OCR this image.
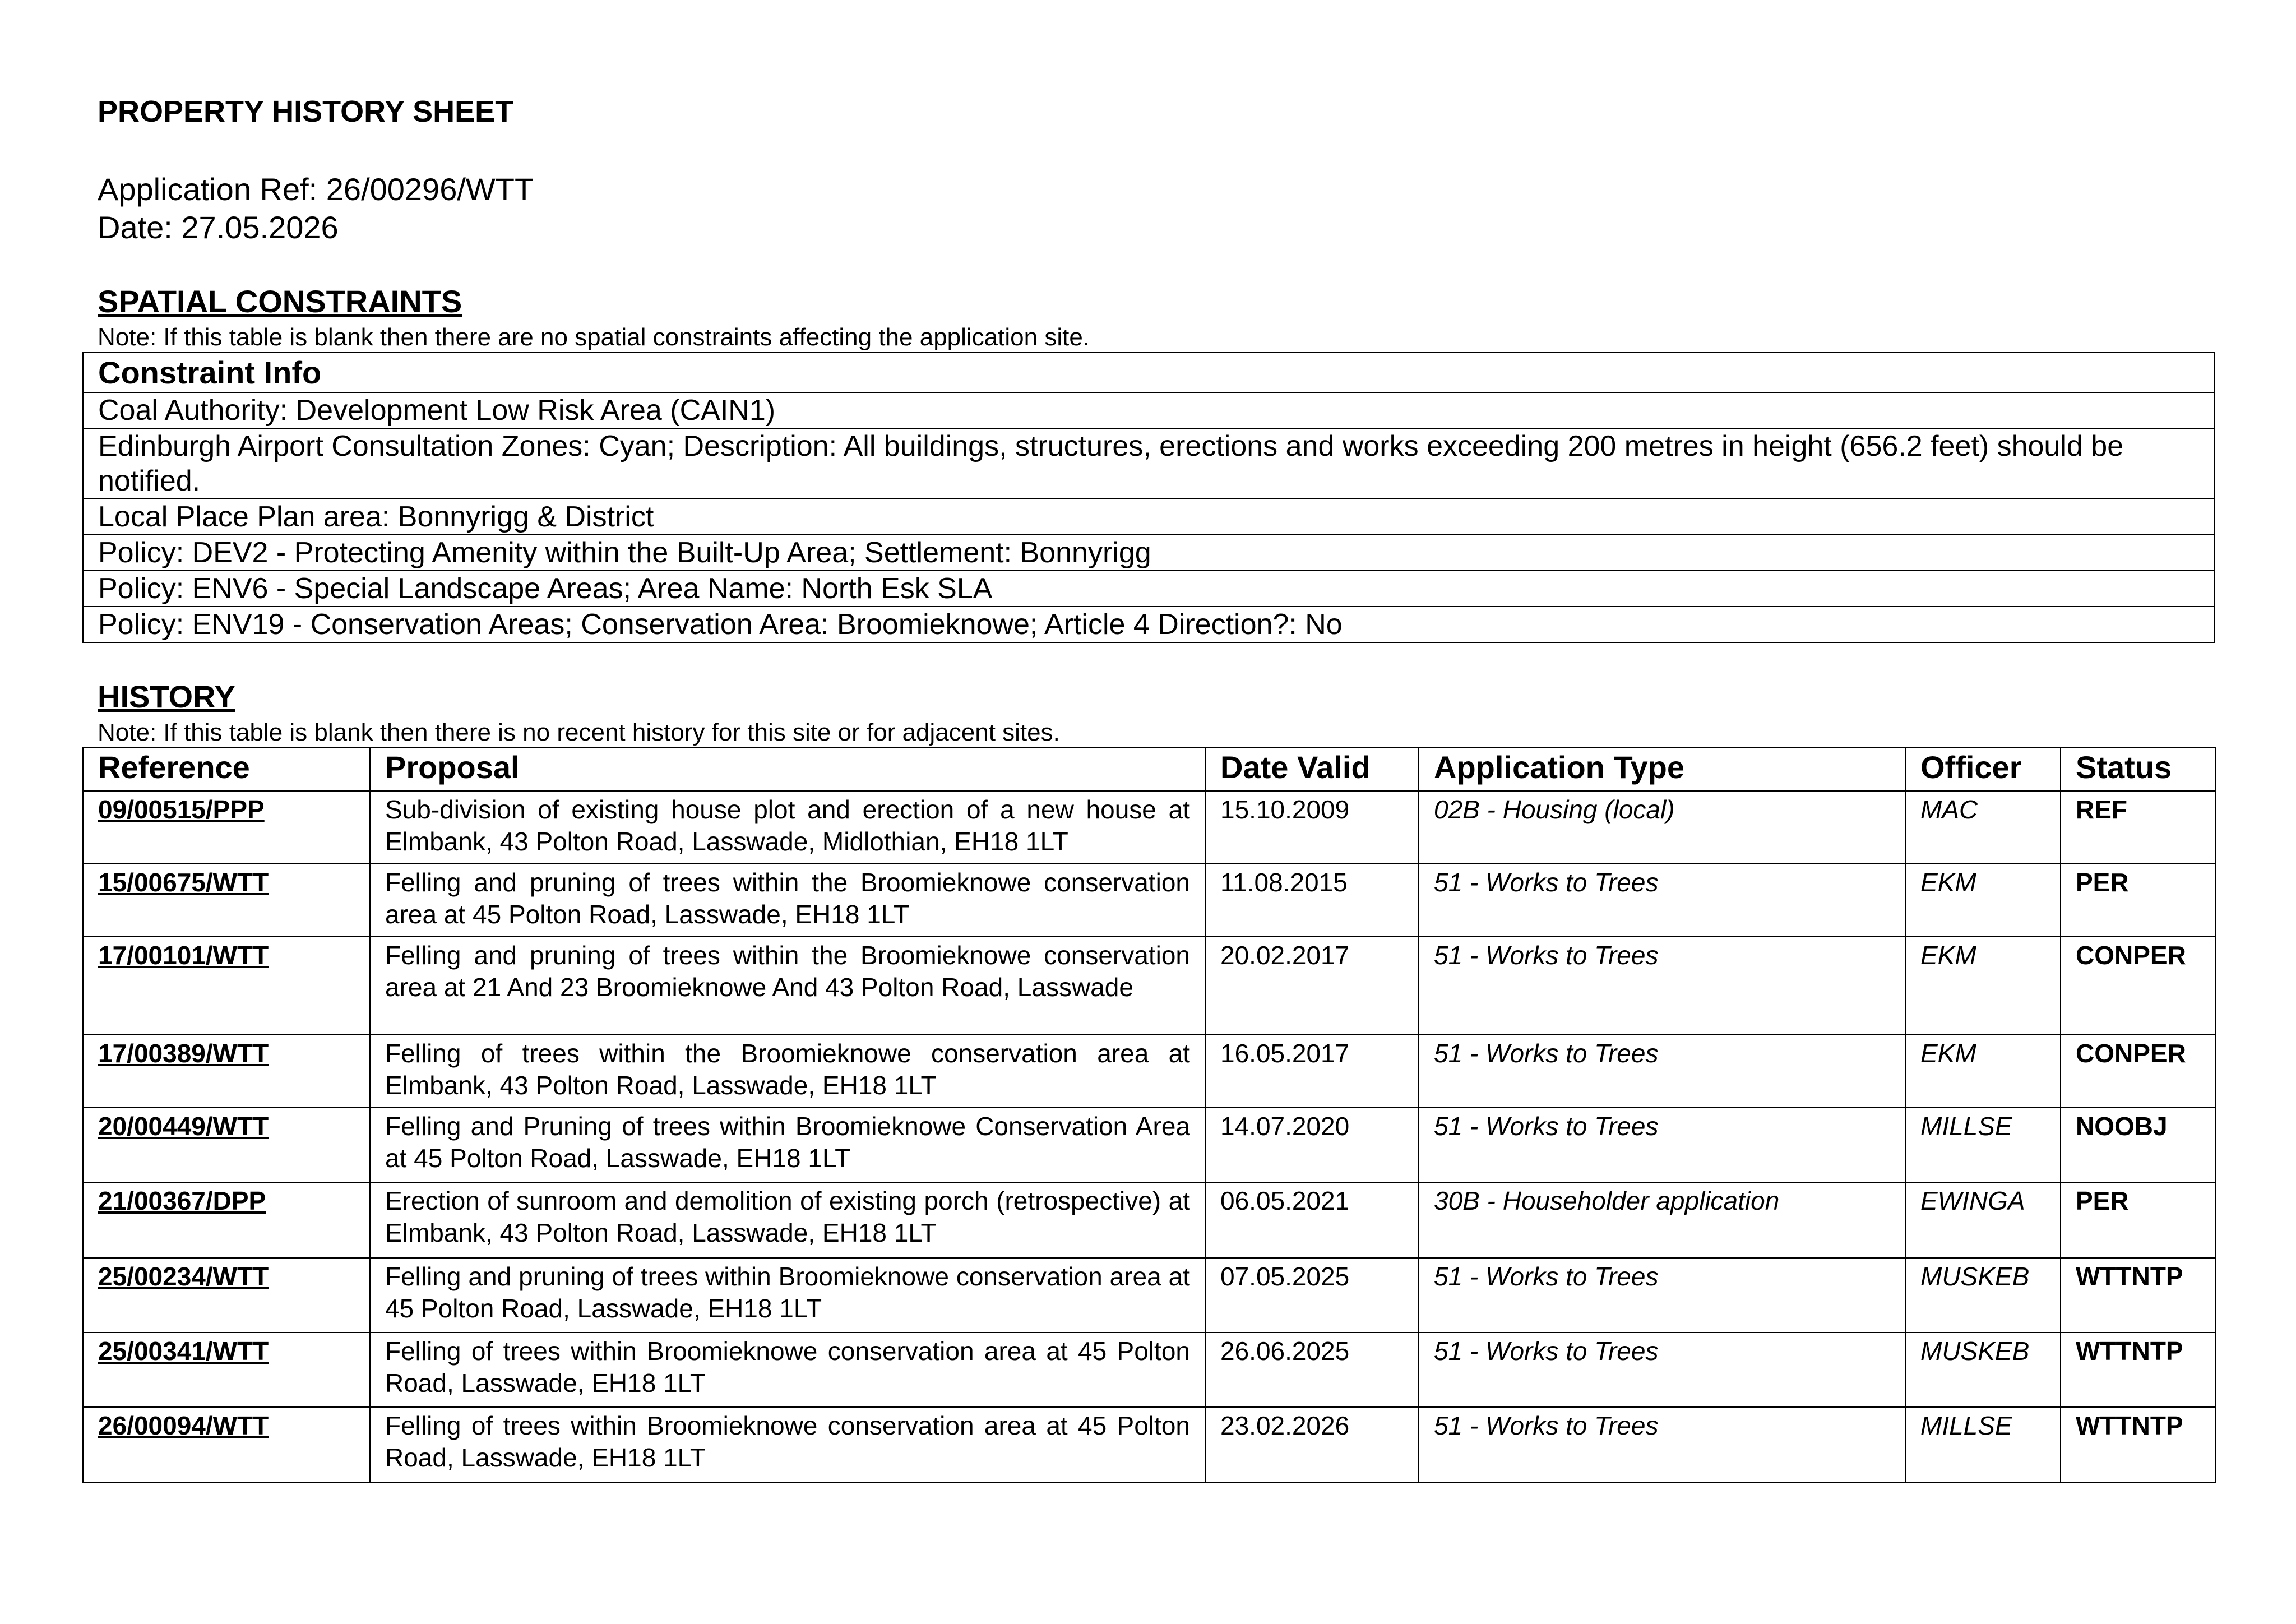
PROPERTY HISTORY SHEET
Application Ref: 26/00296/WTT
Date: 27.05.2026
SPATIAL CONSTRAINTS
Note: If this table is blank then there are no spatial constraints affecting the application site.
Constraint Info
Coal Authority: Development Low Risk Area (CAIN1)
Edinburgh Airport Consultation Zones: Cyan; Description: All buildings, structures, erections and works exceeding 200 metres in height (656.2 feet) should be notified.
Local Place Plan area: Bonnyrigg & District
Policy: DEV2 - Protecting Amenity within the Built-Up Area; Settlement: Bonnyrigg
Policy: ENV6 - Special Landscape Areas; Area Name: North Esk SLA
Policy: ENV19 - Conservation Areas; Conservation Area: Broomieknowe; Article 4 Direction?: No
HISTORY
Note: If this table is blank then there is no recent history for this site or for adjacent sites.
Reference	Proposal	Date Valid	Application Type	Officer	Status
09/00515/PPP	Sub-division of existing house plot and erection of a new house at Elmbank, 43 Polton Road, Lasswade, Midlothian, EH18 1LT	15.10.2009	02B - Housing (local)	MAC	REF
15/00675/WTT	Felling and pruning of trees within the Broomieknowe conservation area at 45 Polton Road, Lasswade, EH18 1LT	11.08.2015	51 - Works to Trees	EKM	PER
17/00101/WTT	Felling and pruning of trees within the Broomieknowe conservation area at 21 And 23 Broomieknowe And 43 Polton Road, Lasswade	20.02.2017	51 - Works to Trees	EKM	CONPER
17/00389/WTT	Felling of trees within the Broomieknowe conservation area at Elmbank, 43 Polton Road, Lasswade, EH18 1LT	16.05.2017	51 - Works to Trees	EKM	CONPER
20/00449/WTT	Felling and Pruning of trees within Broomieknowe Conservation Area at 45 Polton Road, Lasswade, EH18 1LT	14.07.2020	51 - Works to Trees	MILLSE	NOOBJ
21/00367/DPP	Erection of sunroom and demolition of existing porch (retrospective) at Elmbank, 43 Polton Road, Lasswade, EH18 1LT	06.05.2021	30B - Householder application	EWINGA	PER
25/00234/WTT	Felling and pruning of trees within Broomieknowe conservation area at 45 Polton Road, Lasswade, EH18 1LT	07.05.2025	51 - Works to Trees	MUSKEB	WTTNTP
25/00341/WTT	Felling of trees within Broomieknowe conservation area at 45 Polton Road, Lasswade, EH18 1LT	26.06.2025	51 - Works to Trees	MUSKEB	WTTNTP
26/00094/WTT	Felling of trees within Broomieknowe conservation area at 45 Polton Road, Lasswade, EH18 1LT	23.02.2026	51 - Works to Trees	MILLSE	WTTNTP
